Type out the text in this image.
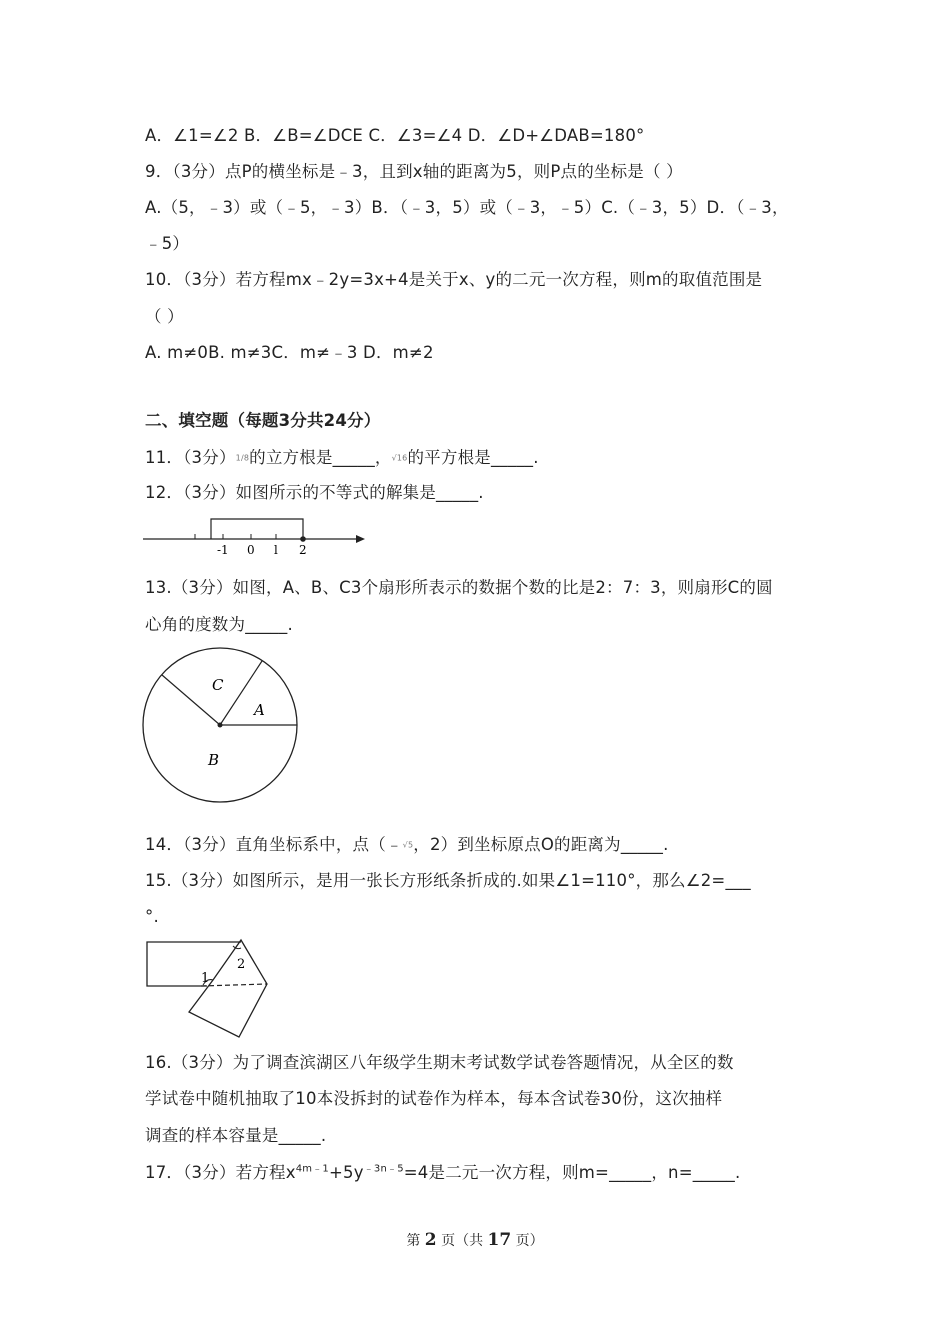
A．∠1=∠2 B．∠B=∠DCE C．∠3=∠4 D．∠D+∠DAB=180°
9．（3分）点P的横坐标是﹣3，且到x轴的距离为5，则P点的坐标是（ ）
A.（5，﹣3）或（﹣5，﹣3）B．（﹣3，5）或（﹣3，﹣5）C.（﹣3，5）D．（﹣3，
﹣5）
10．（3分）若方程mx﹣2y=3x+4是关于x、y的二元一次方程，则m的取值范围是
（ ）
A. m≠0B. m≠3C．m≠﹣3 D．m≠2
二、填空题（每题3分共24分）
11．（3分）1/8的立方根是_____，√16的平方根是_____.
12．（3分）如图所示的不等式的解集是_____.
-1 0 l 2
13.（3分）如图，A、B、C3个扇形所表示的数据个数的比是2：7：3，则扇形C的圆
心角的度数为_____.
C
A
B
14．（3分）直角坐标系中，点（﹣√5，2）到坐标原点O的距离为_____.
15.（3分）如图所示，是用一张长方形纸条折成的.如果∠1=110°，那么∠2=___
°.
1
2
16.（3分）为了调查滨湖区八年级学生期末考试数学试卷答题情况，从全区的数
学试卷中随机抽取了10本没拆封的试卷作为样本，每本含试卷30份，这次抽样
调查的样本容量是_____.
17．（3分）若方程$x^{4m﹣1}+5y^{﹣3n﹣5}=4$是二元一次方程，则m=_____，n=_____.
第 2 页（共 17 页）
